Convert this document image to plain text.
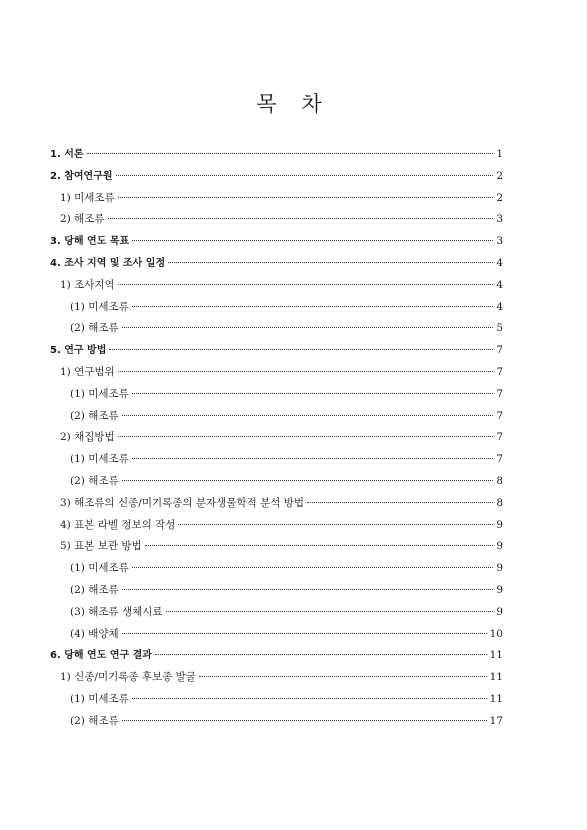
목 차
1. 서론	1
2. 참여연구원	2
1) 미세조류	2
2) 해조류	3
3. 당해 연도 목표	3
4. 조사 지역 및 조사 일정	4
1) 조사지역	4
(1) 미세조류	4
(2) 해조류	5
5. 연구 방법	7
1) 연구범위	7
(1) 미세조류	7
(2) 해조류	7
2) 채집방법	7
(1) 미세조류	7
(2) 해조류	8
3) 해조류의 신종/미기록종의 분자생물학적 분석 방법	8
4) 표본 라벨 정보의 작성	9
5) 표본 보관 방법	9
(1) 미세조류	9
(2) 해조류	9
(3) 해조류 생체시료	9
(4) 배양체	10
6. 당해 연도 연구 결과	11
1) 신종/미기록종 후보종 발굴	11
(1) 미세조류	11
(2) 해조류	17
